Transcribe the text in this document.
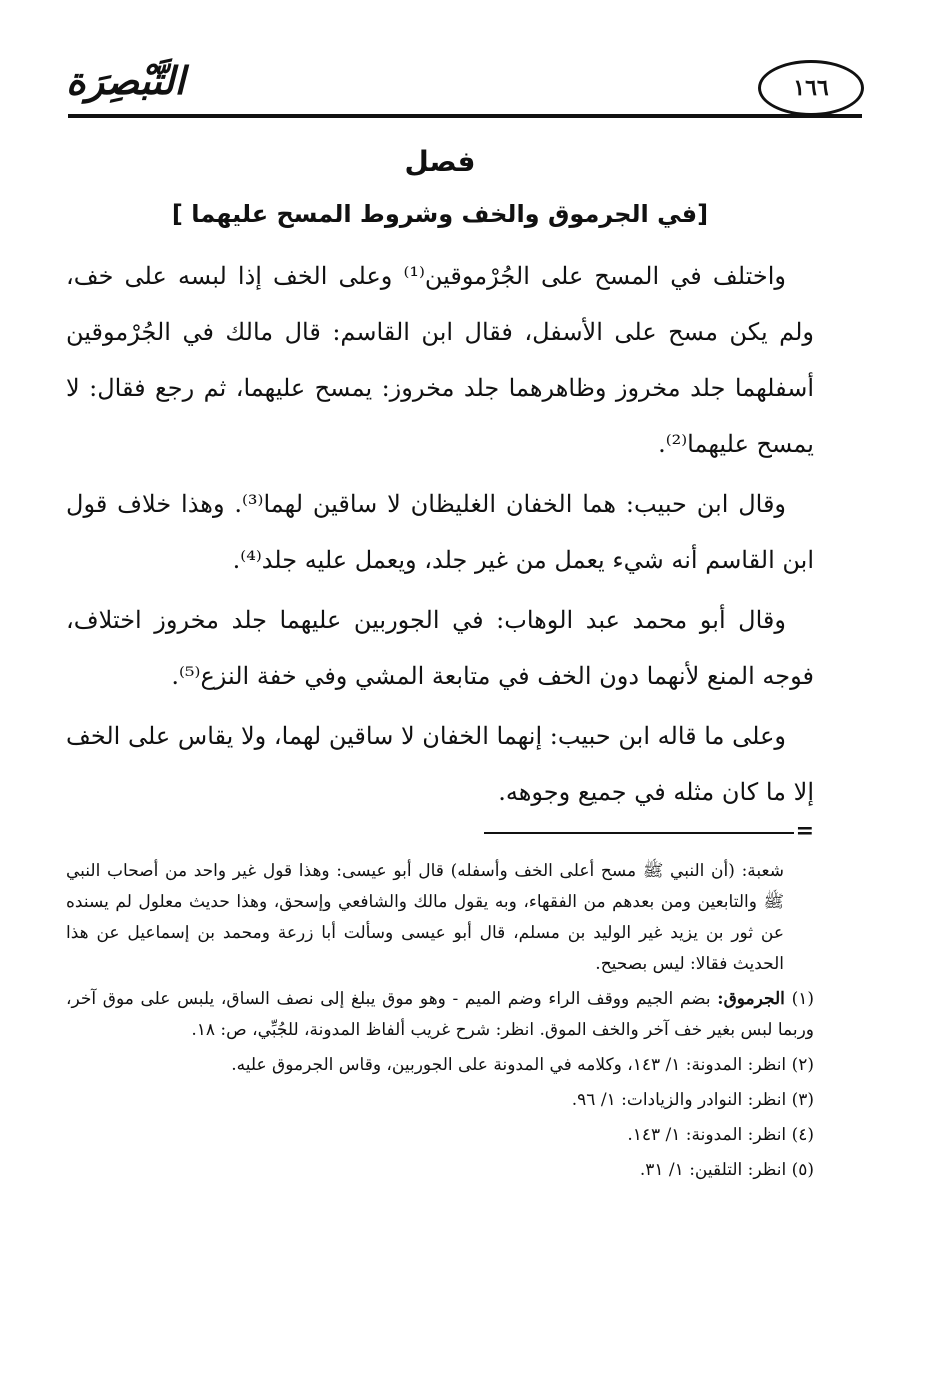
التَّبْصِرَة	١٦٦
فصل
[في الجرموق والخف وشروط المسح عليهما ]

واختلف في المسح على الجُرْموقين⁽¹⁾ وعلى الخف إذا لبسه على خف، ولم يكن مسح على الأسفل، فقال ابن القاسم: قال مالك في الجُرْموقين أسفلهما جلد مخروز وظاهرهما جلد مخروز: يمسح عليهما، ثم رجع فقال: لا يمسح عليهما⁽²⁾.

وقال ابن حبيب: هما الخفان الغليظان لا ساقين لهما⁽³⁾. وهذا خلاف قول ابن القاسم أنه شيء يعمل من غير جلد، ويعمل عليه جلد⁽⁴⁾.

وقال أبو محمد عبد الوهاب: في الجوربين عليهما جلد مخروز اختلاف، فوجه المنع لأنهما دون الخف في متابعة المشي وفي خفة النزع⁽⁵⁾.

وعلى ما قاله ابن حبيب: إنهما الخفان لا ساقين لهما، ولا يقاس على الخف إلا ما كان مثله في جميع وجوهه.

=

شعبة: (أن النبي ﷺ مسح أعلى الخف وأسفله) قال أبو عيسى: وهذا قول غير واحد من أصحاب النبي ﷺ والتابعين ومن بعدهم من الفقهاء، وبه يقول مالك والشافعي وإسحق، وهذا حديث معلول لم يسنده عن ثور بن يزيد غير الوليد بن مسلم، قال أبو عيسى وسألت أبا زرعة ومحمد بن إسماعيل عن هذا الحديث فقالا: ليس بصحيح.

(١) الجرموق: بضم الجيم ووقف الراء وضم الميم - وهو موق يبلغ إلى نصف الساق، يلبس على موق آخر، وربما لبس بغير خف آخر والخف الموق. انظر: شرح غريب ألفاظ المدونة، للجُبِّي، ص: ١٨.

(٢) انظر: المدونة: ١/ ١٤٣، وكلامه في المدونة على الجوربين، وقاس الجرموق عليه.

(٣) انظر: النوادر والزيادات: ١/ ٩٦.

(٤) انظر: المدونة: ١/ ١٤٣.

(٥) انظر: التلقين: ١/ ٣١.
